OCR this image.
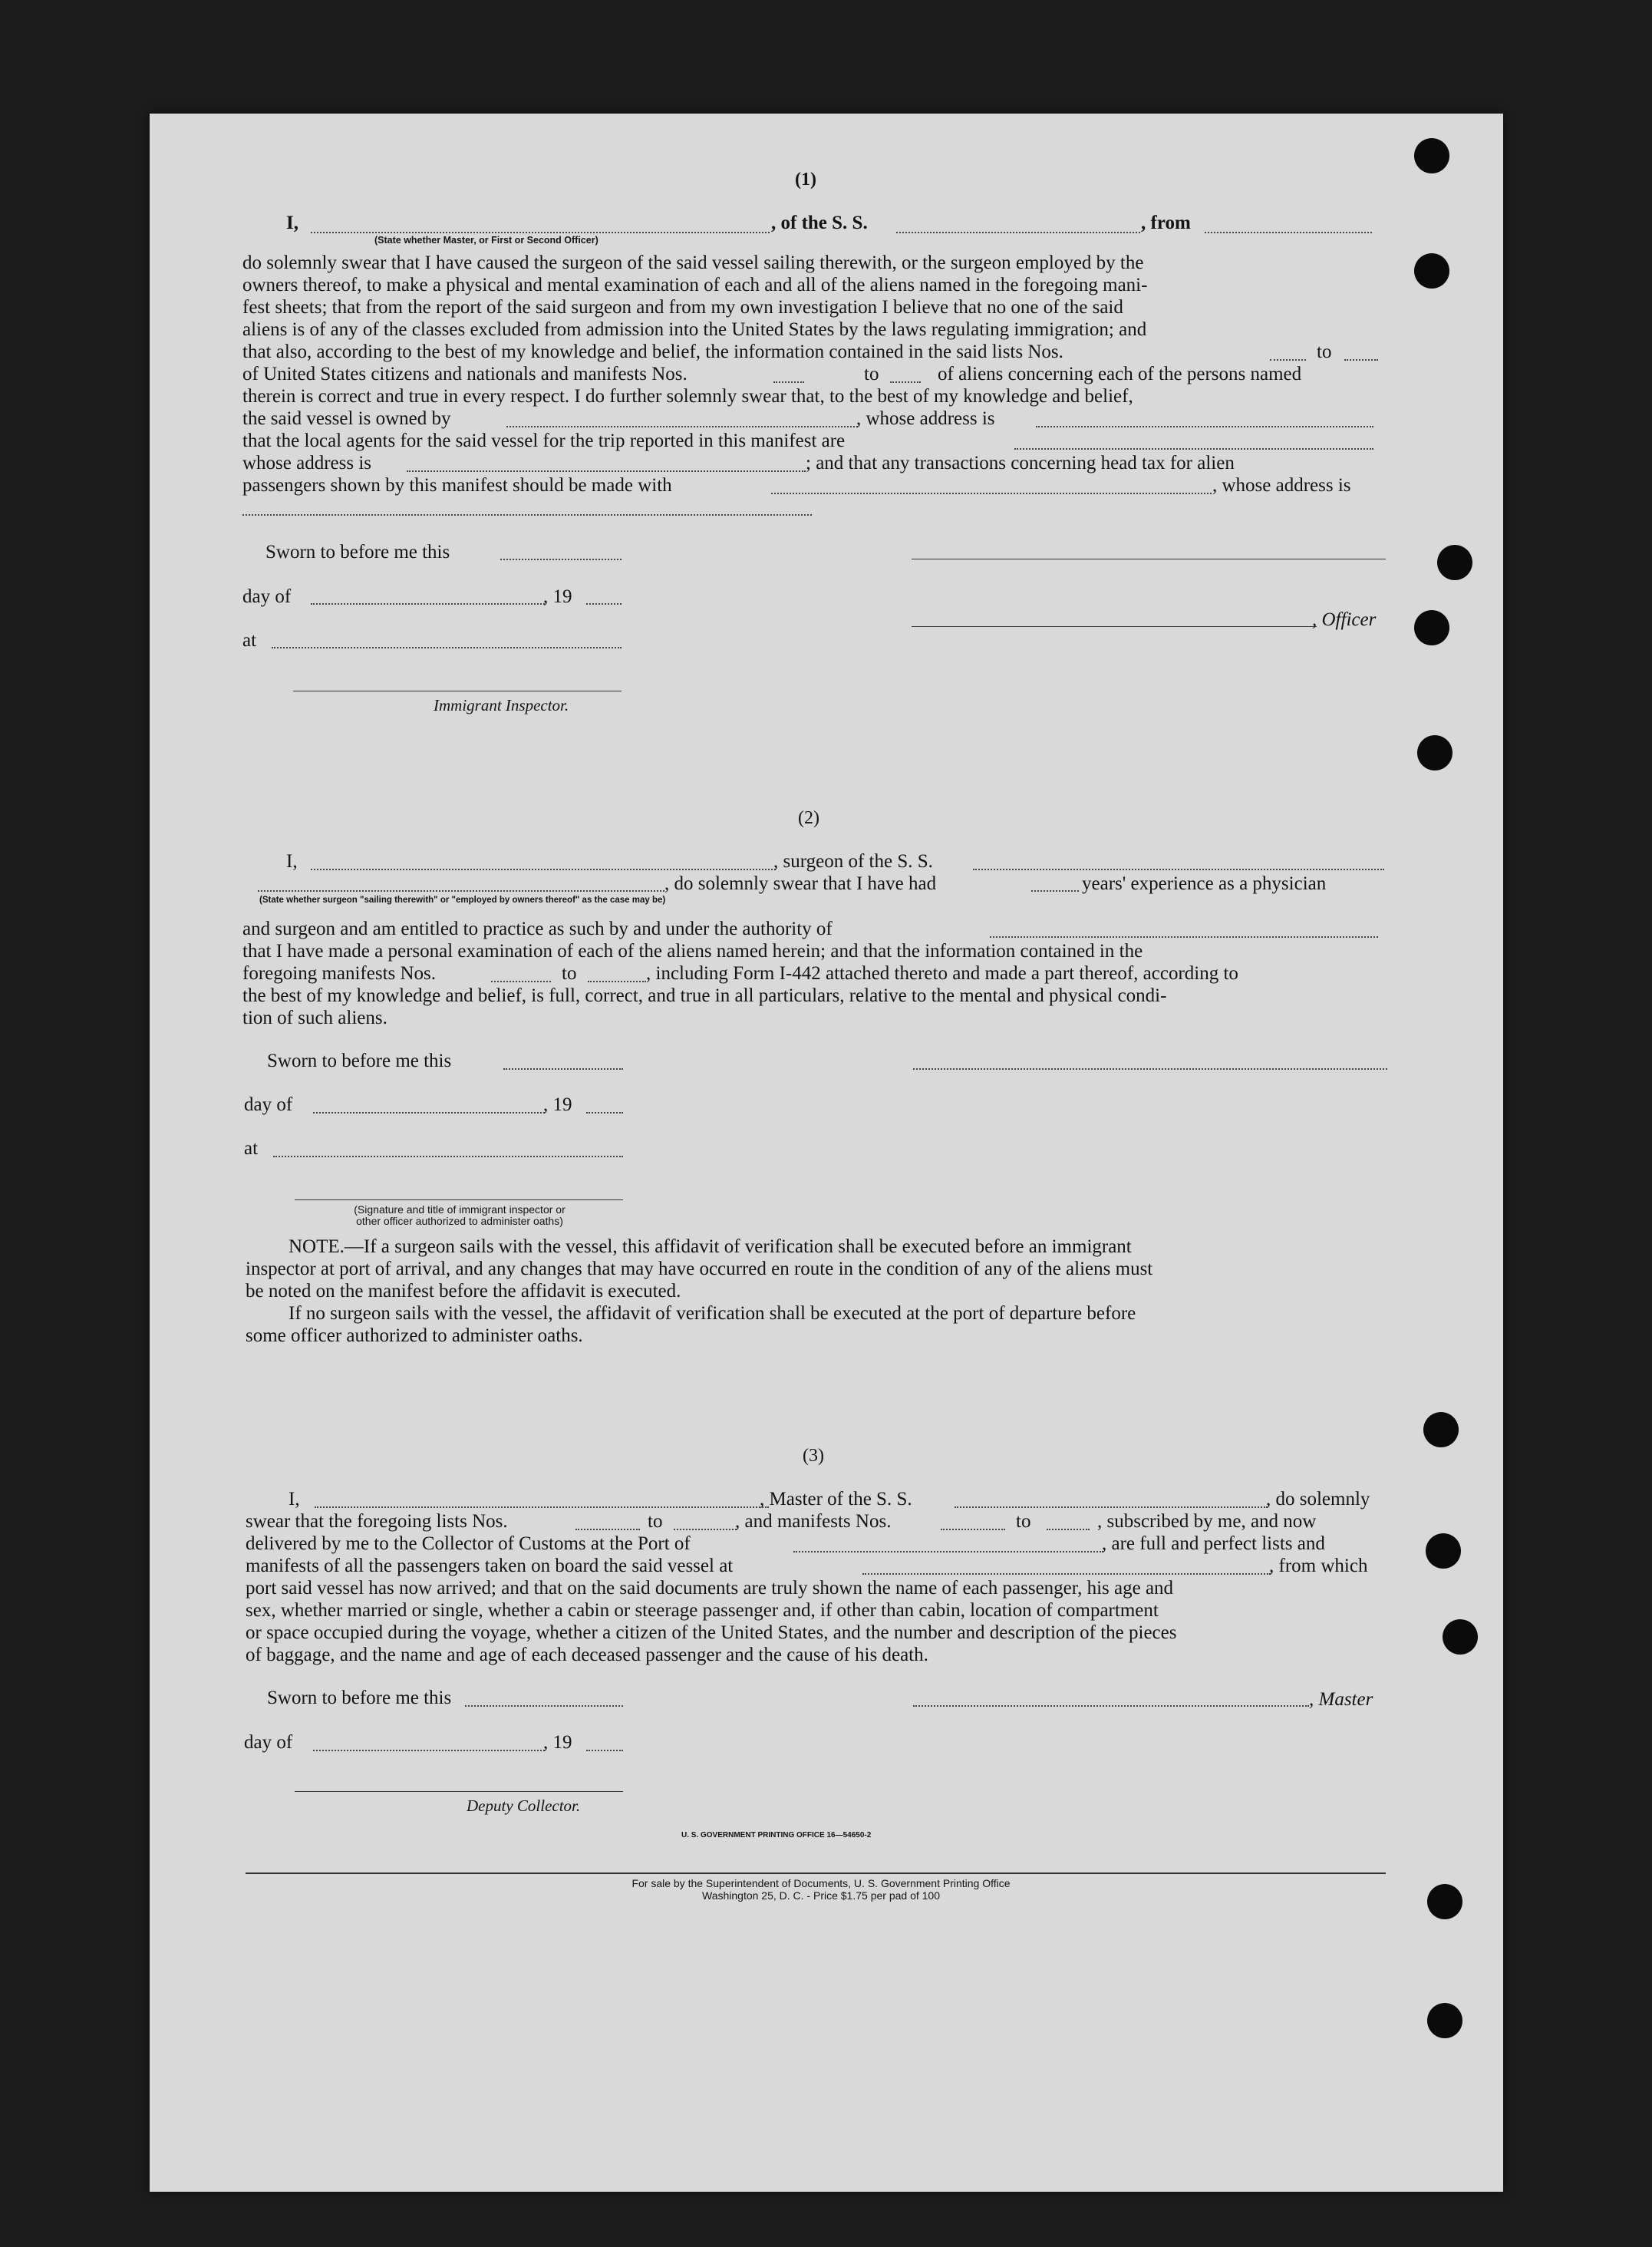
(1)
I,
(State whether Master, or First or Second Officer)
, of the S. S.	, from
do solemnly swear that I have caused the surgeon of the said vessel sailing therewith, or the surgeon employed by the
owners thereof, to make a physical and mental examination of each and all of the aliens named in the foregoing mani-
fest sheets; that from the report of the said surgeon and from my own investigation I believe that no one of the said
aliens is of any of the classes excluded from admission into the United States by the laws regulating immigration; and
that also, according to the best of my knowledge and belief, the information contained in the said lists Nos.	to
of United States citizens and nationals and manifests Nos.	to	of aliens concerning each of the persons named
therein is correct and true in every respect. I do further solemnly swear that, to the best of my knowledge and belief,
the said vessel is owned by	, whose address is
that the local agents for the said vessel for the trip reported in this manifest are
whose address is	; and that any transactions concerning head tax for alien
passengers shown by this manifest should be made with	, whose address is
Sworn to before me this
day of	, 19
, Officer
at
Immigrant Inspector.
(2)
I,	, surgeon of the S. S.
, do solemnly swear that I have had	years' experience as a physician
(State whether surgeon "sailing therewith" or "employed by owners thereof" as the case may be)
and surgeon and am entitled to practice as such by and under the authority of
that I have made a personal examination of each of the aliens named herein; and that the information contained in the
foregoing manifests Nos.	to	, including Form I-442 attached thereto and made a part thereof, according to
the best of my knowledge and belief, is full, correct, and true in all particulars, relative to the mental and physical condi-
tion of such aliens.
Sworn to before me this
day of	, 19
at
(Signature and title of immigrant inspector or
other officer authorized to administer oaths)
NOTE.—If a surgeon sails with the vessel, this affidavit of verification shall be executed before an immigrant
inspector at port of arrival, and any changes that may have occurred en route in the condition of any of the aliens must
be noted on the manifest before the affidavit is executed.
If no surgeon sails with the vessel, the affidavit of verification shall be executed at the port of departure before
some officer authorized to administer oaths.
(3)
I,	, Master of the S. S.	, do solemnly
swear that the foregoing lists Nos.	to	, and manifests Nos.	to	, subscribed by me, and now
delivered by me to the Collector of Customs at the Port of	, are full and perfect lists and
manifests of all the passengers taken on board the said vessel at	, from which
port said vessel has now arrived; and that on the said documents are truly shown the name of each passenger, his age and
sex, whether married or single, whether a cabin or steerage passenger and, if other than cabin, location of compartment
or space occupied during the voyage, whether a citizen of the United States, and the number and description of the pieces
of baggage, and the name and age of each deceased passenger and the cause of his death.
Sworn to before me this	, Master
day of	, 19
Deputy Collector.
U. S. GOVERNMENT PRINTING OFFICE 16—54650-2
For sale by the Superintendent of Documents, U. S. Government Printing Office
Washington 25, D. C. - Price $1.75 per pad of 100
